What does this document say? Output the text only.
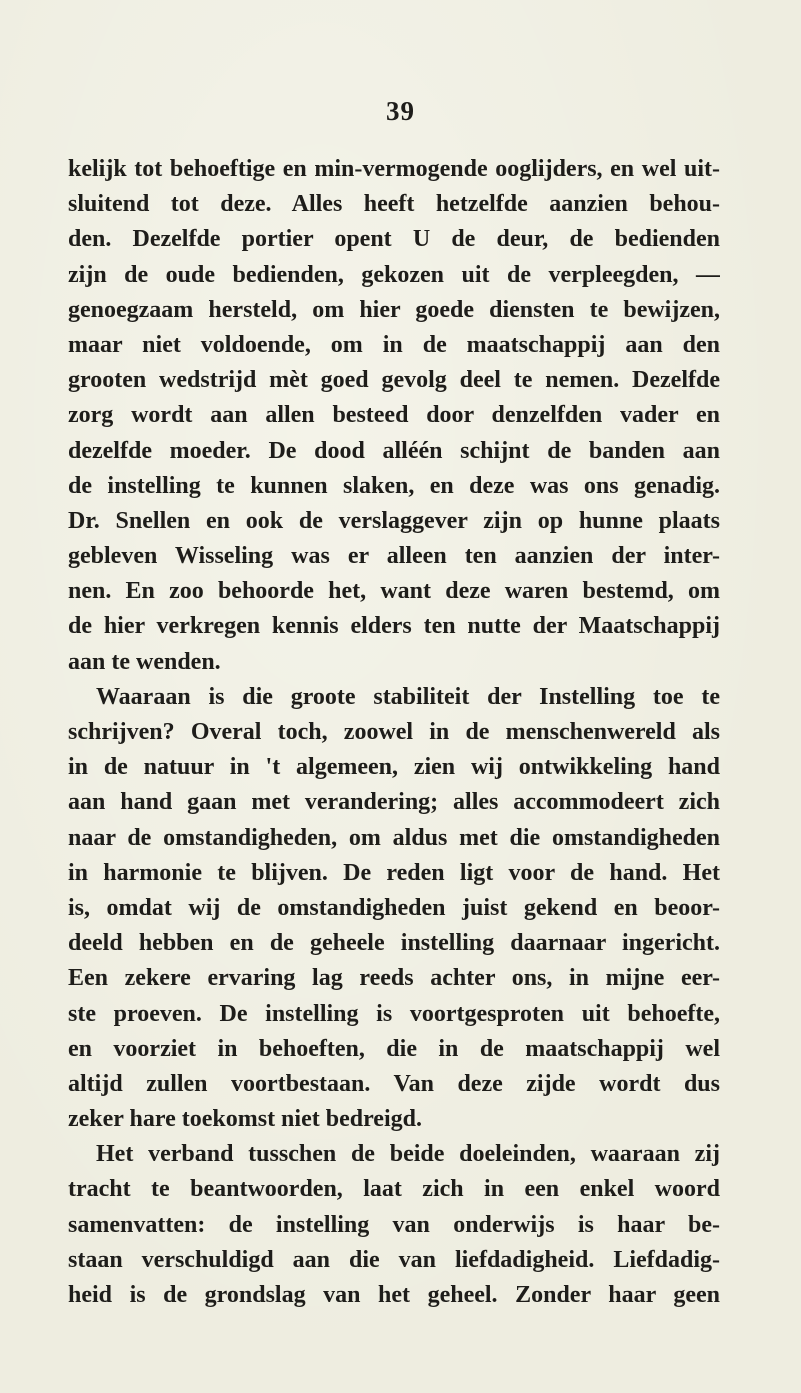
39
kelijk tot behoeftige en min-vermogende ooglijders, en wel uit-
sluitend tot deze. Alles heeft hetzelfde aanzien behou-
den. Dezelfde portier opent U de deur, de bedienden
zijn de oude bedienden, gekozen uit de verpleegden, —
genoegzaam hersteld, om hier goede diensten te bewijzen,
maar niet voldoende, om in de maatschappij aan den
grooten wedstrijd mèt goed gevolg deel te nemen. Dezelfde
zorg wordt aan allen besteed door denzelfden vader en
dezelfde moeder. De dood alléén schijnt de banden aan
de instelling te kunnen slaken, en deze was ons genadig.
Dr. Snellen en ook de verslaggever zijn op hunne plaats
gebleven Wisseling was er alleen ten aanzien der inter-
nen. En zoo behoorde het, want deze waren bestemd, om
de hier verkregen kennis elders ten nutte der Maatschappij
aan te wenden.
Waaraan is die groote stabiliteit der Instelling toe te
schrijven? Overal toch, zoowel in de menschenwereld als
in de natuur in 't algemeen, zien wij ontwikkeling hand
aan hand gaan met verandering; alles accommodeert zich
naar de omstandigheden, om aldus met die omstandigheden
in harmonie te blijven. De reden ligt voor de hand. Het
is, omdat wij de omstandigheden juist gekend en beoor-
deeld hebben en de geheele instelling daarnaar ingericht.
Een zekere ervaring lag reeds achter ons, in mijne eer-
ste proeven. De instelling is voortgesproten uit behoefte,
en voorziet in behoeften, die in de maatschappij wel
altijd zullen voortbestaan. Van deze zijde wordt dus
zeker hare toekomst niet bedreigd.
Het verband tusschen de beide doeleinden, waaraan zij
tracht te beantwoorden, laat zich in een enkel woord
samenvatten: de instelling van onderwijs is haar be-
staan verschuldigd aan die van liefdadigheid. Liefdadig-
heid is de grondslag van het geheel. Zonder haar geen
